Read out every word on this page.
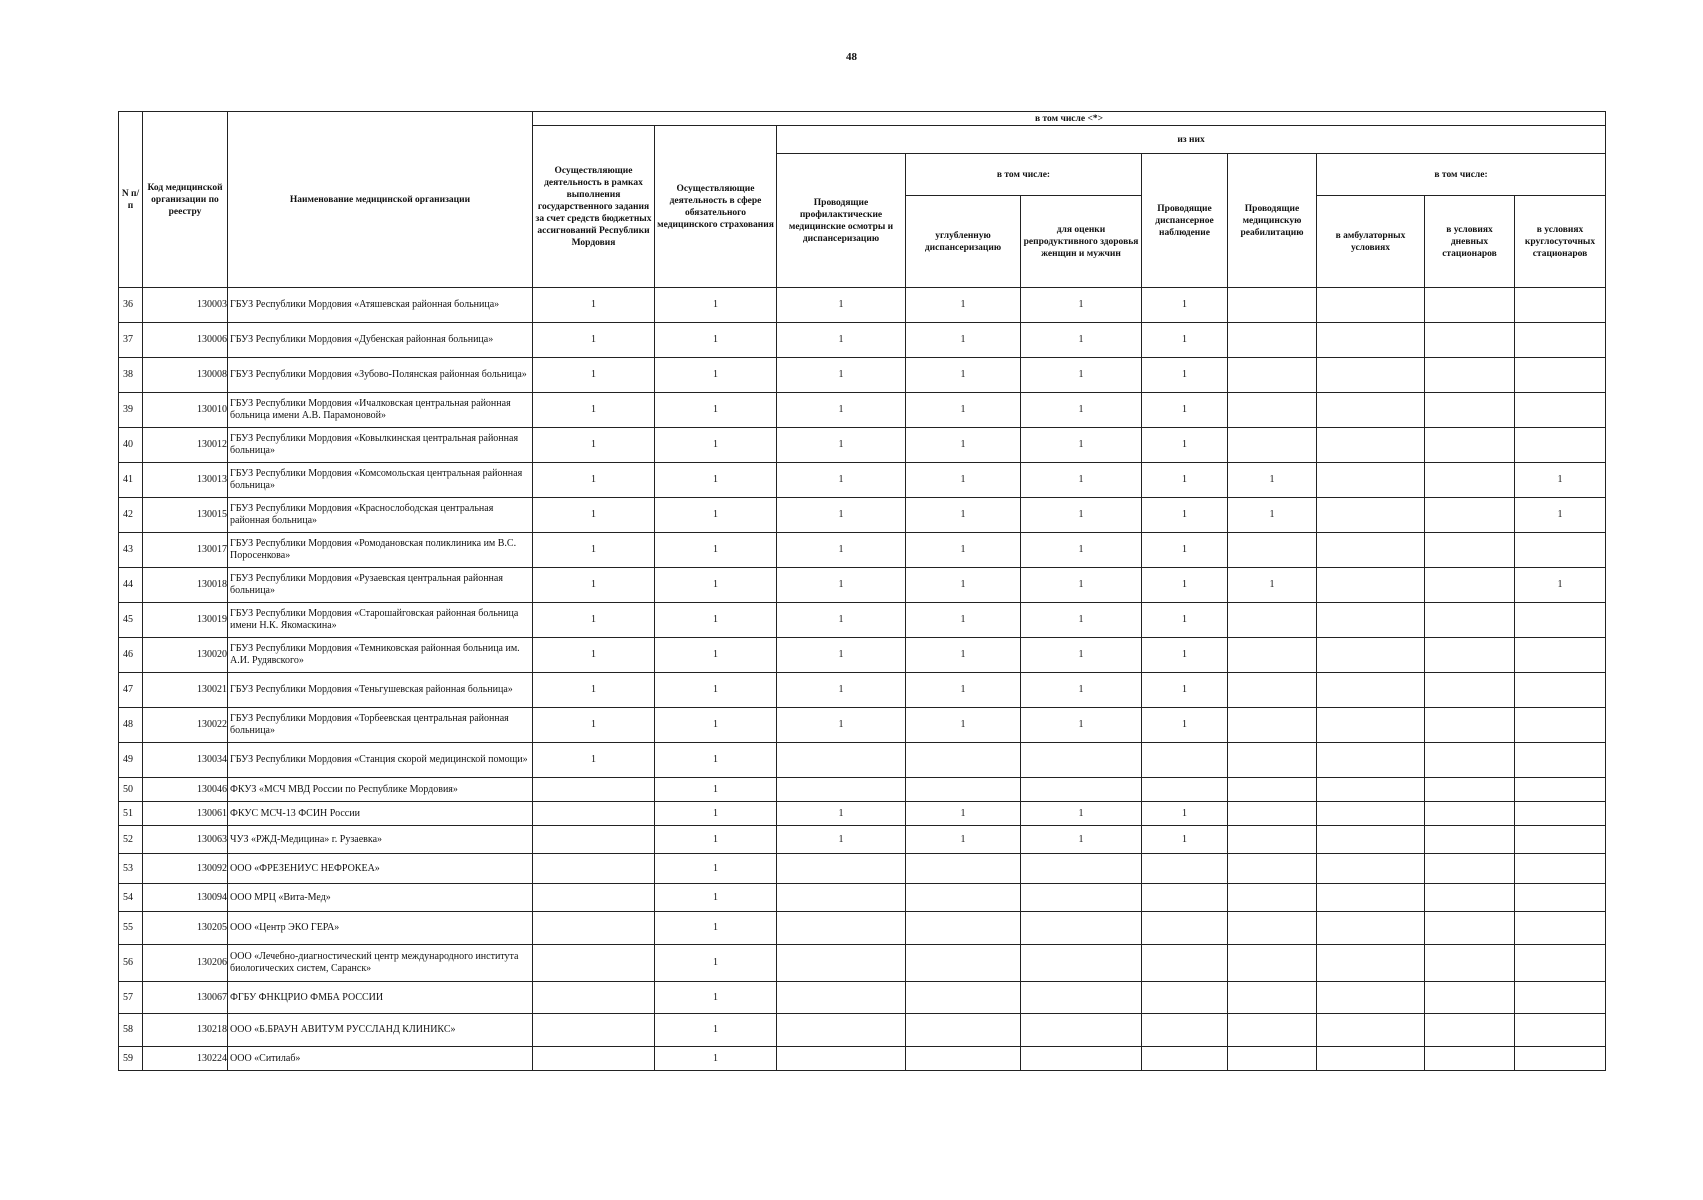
48
N п/п	Код медицинской организации по реестру	Наименование медицинской организации	в том числе <*>									
			Осуществляющие деятельность в рамках выполнения государственного задания за счет средств бюджетных ассигнований Республики Мордовия	Осуществляющие деятельность в сфере обязательного медицинского страхования	из них							
					Проводящие профилактические медицинские осмотры и диспансеризацию	в том числе:		Проводящие диспансерное наблюдение	Проводящие медицинскую реабилитацию	в том числе:		
						углубленную диспансеризацию	для оценки репродуктивного здоровья женщин и мужчин			в амбулаторных условиях	в условиях дневных стационаров	в условиях круглосуточных стационаров
36	130003	ГБУЗ Республики Мордовия «Атяшевская районная больница»	1	1	1	1	1	1				
37	130006	ГБУЗ Республики Мордовия «Дубенская районная больница»	1	1	1	1	1	1				
38	130008	ГБУЗ Республики Мордовия «Зубово-Полянская районная больница»	1	1	1	1	1	1				
39	130010	ГБУЗ Республики Мордовия «Ичалковская центральная районная больница имени А.В. Парамоновой»	1	1	1	1	1	1				
40	130012	ГБУЗ Республики Мордовия «Ковылкинская центральная районная больница»	1	1	1	1	1	1				
41	130013	ГБУЗ Республики Мордовия «Комсомольская центральная районная больница»	1	1	1	1	1	1	1			1
42	130015	ГБУЗ Республики Мордовия «Краснослободская центральная районная больница»	1	1	1	1	1	1	1			1
43	130017	ГБУЗ Республики Мордовия «Ромодановская поликлиника им В.С. Поросенкова»	1	1	1	1	1	1				
44	130018	ГБУЗ Республики Мордовия «Рузаевская центральная районная больница»	1	1	1	1	1	1	1			1
45	130019	ГБУЗ Республики Мордовия «Старошайговская районная больница имени Н.К. Якомаскина»	1	1	1	1	1	1				
46	130020	ГБУЗ Республики Мордовия «Темниковская районная больница им. А.И. Рудявского»	1	1	1	1	1	1				
47	130021	ГБУЗ Республики Мордовия «Теньгушевская районная больница»	1	1	1	1	1	1				
48	130022	ГБУЗ Республики Мордовия «Торбеевская центральная районная больница»	1	1	1	1	1	1				
49	130034	ГБУЗ Республики Мордовия «Станция скорой медицинской помощи»	1	1								
50	130046	ФКУЗ «МСЧ МВД России по Республике Мордовия»		1								
51	130061	ФКУС МСЧ-13 ФСИН России		1	1	1	1	1				
52	130063	ЧУЗ «РЖД-Медицина» г. Рузаевка»		1	1	1	1	1				
53	130092	ООО «ФРЕЗЕНИУС НЕФРОКЕА»		1								
54	130094	ООО МРЦ «Вита-Мед»		1								
55	130205	ООО «Центр ЭКО ГЕРА»		1								
56	130206	ООО «Лечебно-диагностический центр международного института биологических систем, Саранск»		1								
57	130067	ФГБУ ФНКЦРИО ФМБА РОССИИ		1								
58	130218	ООО «Б.БРАУН АВИТУМ РУССЛАНД КЛИНИКС»		1								
59	130224	ООО «Ситилаб»		1								
